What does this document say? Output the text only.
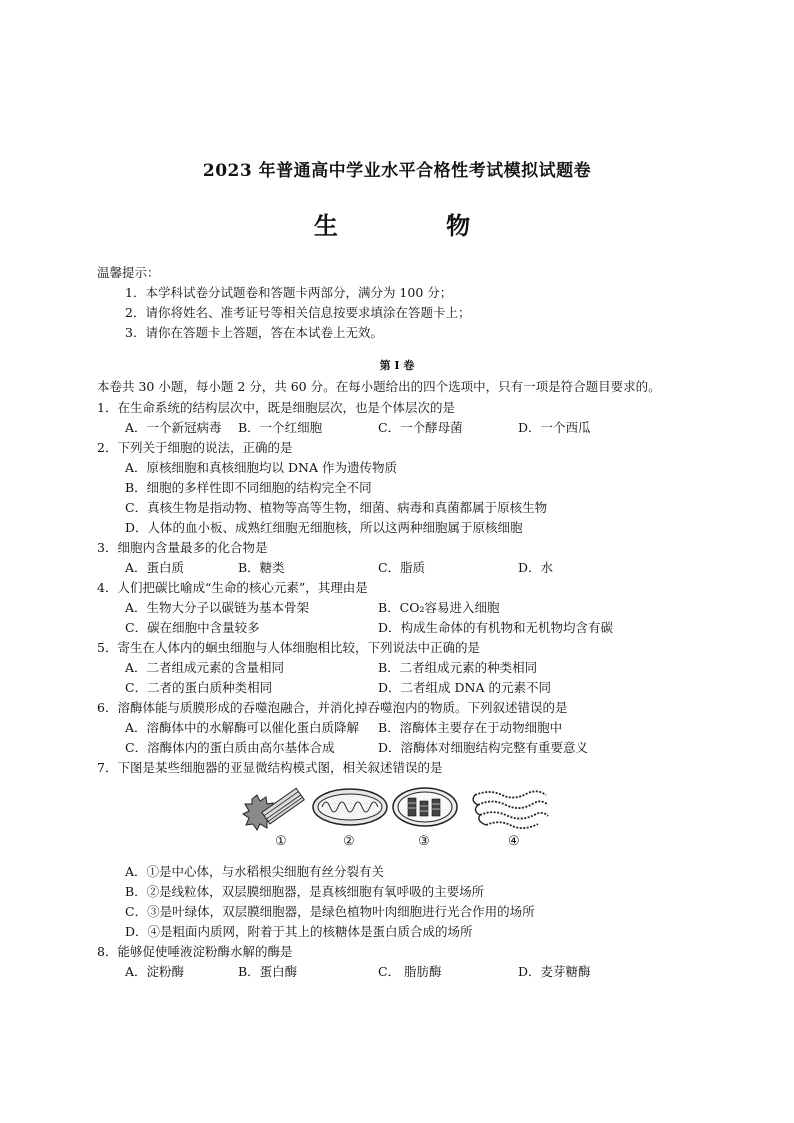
2023 年普通高中学业水平合格性考试模拟试题卷
生 物
温馨提示：
1．本学科试卷分试题卷和答题卡两部分，满分为 100 分；
2．请你将姓名、准考证号等相关信息按要求填涂在答题卡上；
3．请你在答题卡上答题，答在本试卷上无效。
第 Ⅰ 卷
本卷共 30 小题，每小题 2 分，共 60 分。在每小题给出的四个选项中，只有一项是符合题目要求的。
1．在生命系统的结构层次中，既是细胞层次，也是个体层次的是
A．一个新冠病毒 B．一个红细胞	C．一个酵母菌	D．一个西瓜
2．下列关于细胞的说法，正确的是
A．原核细胞和真核细胞均以 DNA 作为遗传物质
B．细胞的多样性即不同细胞的结构完全不同
C．真核生物是指动物、植物等高等生物，细菌、病毒和真菌都属于原核生物
D．人体的血小板、成熟红细胞无细胞核，所以这两种细胞属于原核细胞
3．细胞内含量最多的化合物是
A．蛋白质	B．糖类	C．脂质	D．水
4．人们把碳比喻成“生命的核心元素”，其理由是
A．生物大分子以碳链为基本骨架	B．CO₂容易进入细胞
C．碳在细胞中含量较多	D．构成生命体的有机物和无机物均含有碳
5．寄生在人体内的蛔虫细胞与人体细胞相比较，下列说法中正确的是
A．二者组成元素的含量相同	B．二者组成元素的种类相同
C．二者的蛋白质种类相同	D．二者组成 DNA 的元素不同
6．溶酶体能与质膜形成的吞噬泡融合，并消化掉吞噬泡内的物质。下列叙述错误的是
A．溶酶体中的水解酶可以催化蛋白质降解 B．溶酶体主要存在于动物细胞中
C．溶酶体内的蛋白质由高尔基体合成	D．溶酶体对细胞结构完整有重要意义
7．下图是某些细胞器的亚显微结构模式图，相关叙述错误的是
①	②	③	④
A．①是中心体，与水稻根尖细胞有丝分裂有关
B．②是线粒体，双层膜细胞器，是真核细胞有氧呼吸的主要场所
C．③是叶绿体，双层膜细胞器，是绿色植物叶肉细胞进行光合作用的场所
D．④是粗面内质网，附着于其上的核糖体是蛋白质合成的场所
8．能够促使唾液淀粉酶水解的酶是
A．淀粉酶	B．蛋白酶	C． 脂肪酶	D．麦芽糖酶
